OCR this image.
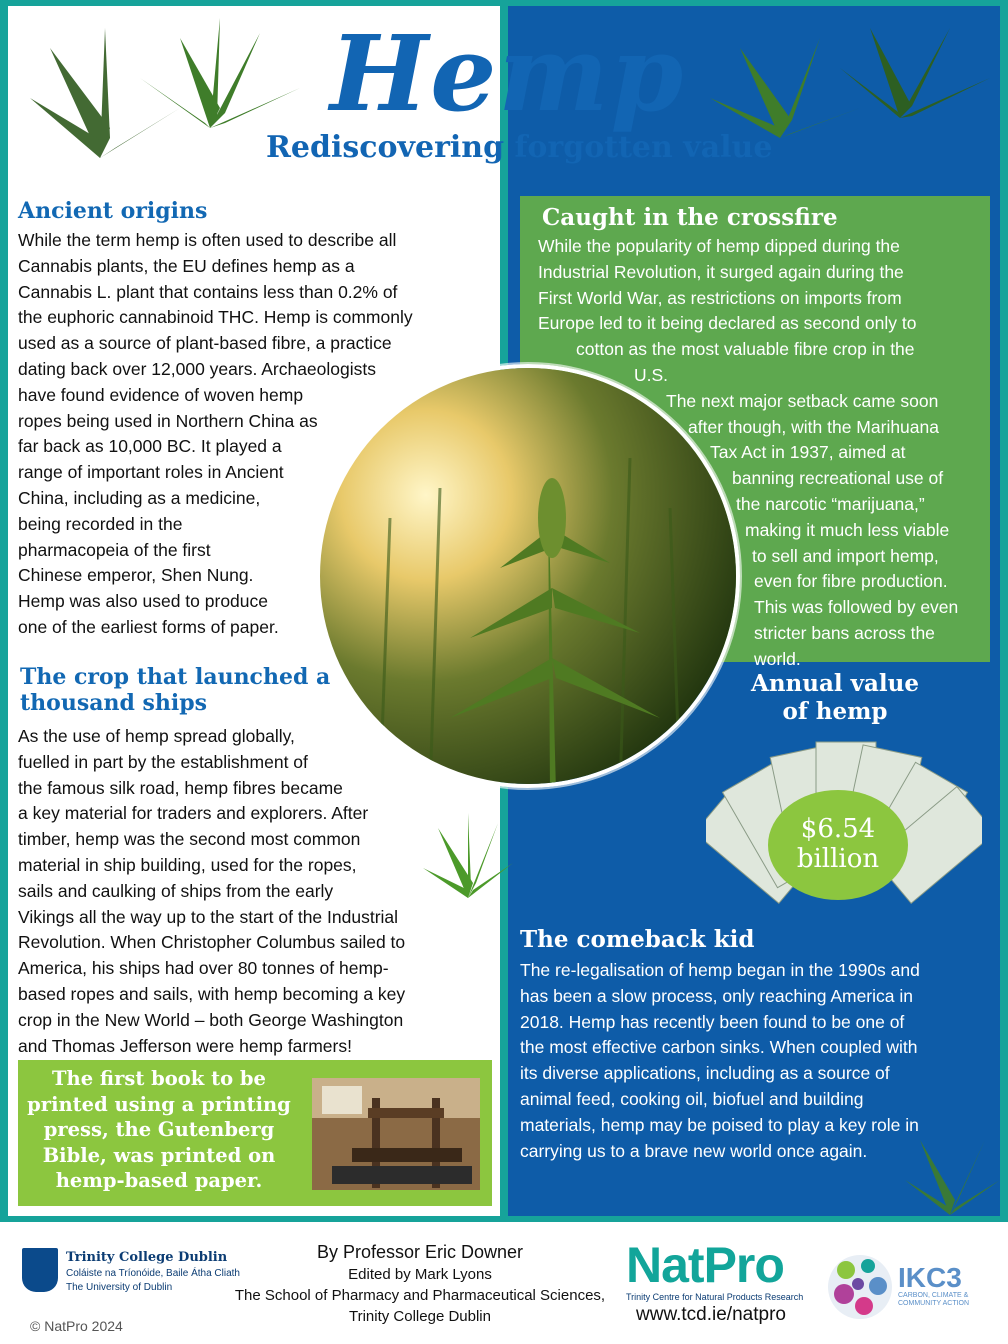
Hemp
Rediscovering forgotten value
Ancient origins
While the term hemp is often used to describe all
Cannabis plants, the EU defines hemp as a
Cannabis L. plant that contains less than 0.2% of
the euphoric cannabinoid THC. Hemp is commonly
used as a source of plant-based fibre, a practice
dating back over 12,000 years. Archaeologists
have found evidence of woven hemp
ropes being used in Northern China as
far back as 10,000 BC. It played a
range of important roles in Ancient
China, including as a medicine,
being recorded in the
pharmacopeia of the first
Chinese emperor, Shen Nung.
Hemp was also used to produce
one of the earliest forms of paper.
The crop that launched a thousand ships
As the use of hemp spread globally,
fuelled in part by the establishment of
the famous silk road, hemp fibres became
a key material for traders and explorers. After
timber, hemp was the second most common
material in ship building, used for the ropes,
sails and caulking of ships from the early
Vikings all the way up to the start of the Industrial
Revolution. When Christopher Columbus sailed to
America, his ships had over 80 tonnes of hemp-
based ropes and sails, with hemp becoming a key
crop in the New World – both George Washington
and Thomas Jefferson were hemp farmers!
Caught in the crossfire
While the popularity of hemp dipped during the
Industrial Revolution, it surged again during the
First World War, as restrictions on imports from
Europe led to it being declared as second only to
cotton as the most valuable fibre crop in the
U.S.
The next major setback came soon
after though, with the Marihuana
Tax Act in 1937, aimed at
banning recreational use of
the narcotic “marijuana,”
making it much less viable
to sell and import hemp,
even for fibre production.
This was followed by even
stricter bans across the
world.
Annual value of hemp
$6.54
billion
The comeback kid
The re-legalisation of hemp began in the 1990s and
has been a slow process, only reaching America in
2018. Hemp has recently been found to be one of
the most effective carbon sinks. When coupled with
its diverse applications, including as a source of
animal feed, cooking oil, biofuel and building
materials, hemp may be poised to play a key role in
carrying us to a brave new world once again.
The first book to be printed using a printing press, the Gutenberg Bible, was printed on hemp-based paper.
Trinity College Dublin
Coláiste na Tríonóide, Baile Átha Cliath
The University of Dublin
© NatPro 2024
By Professor Eric Downer
Edited by Mark Lyons
The School of Pharmacy and Pharmaceutical Sciences,
Trinity College Dublin
NatPro
Trinity Centre for Natural Products Research
www.tcd.ie/natpro
IKC3
CARBON, CLIMATE & COMMUNITY ACTION
